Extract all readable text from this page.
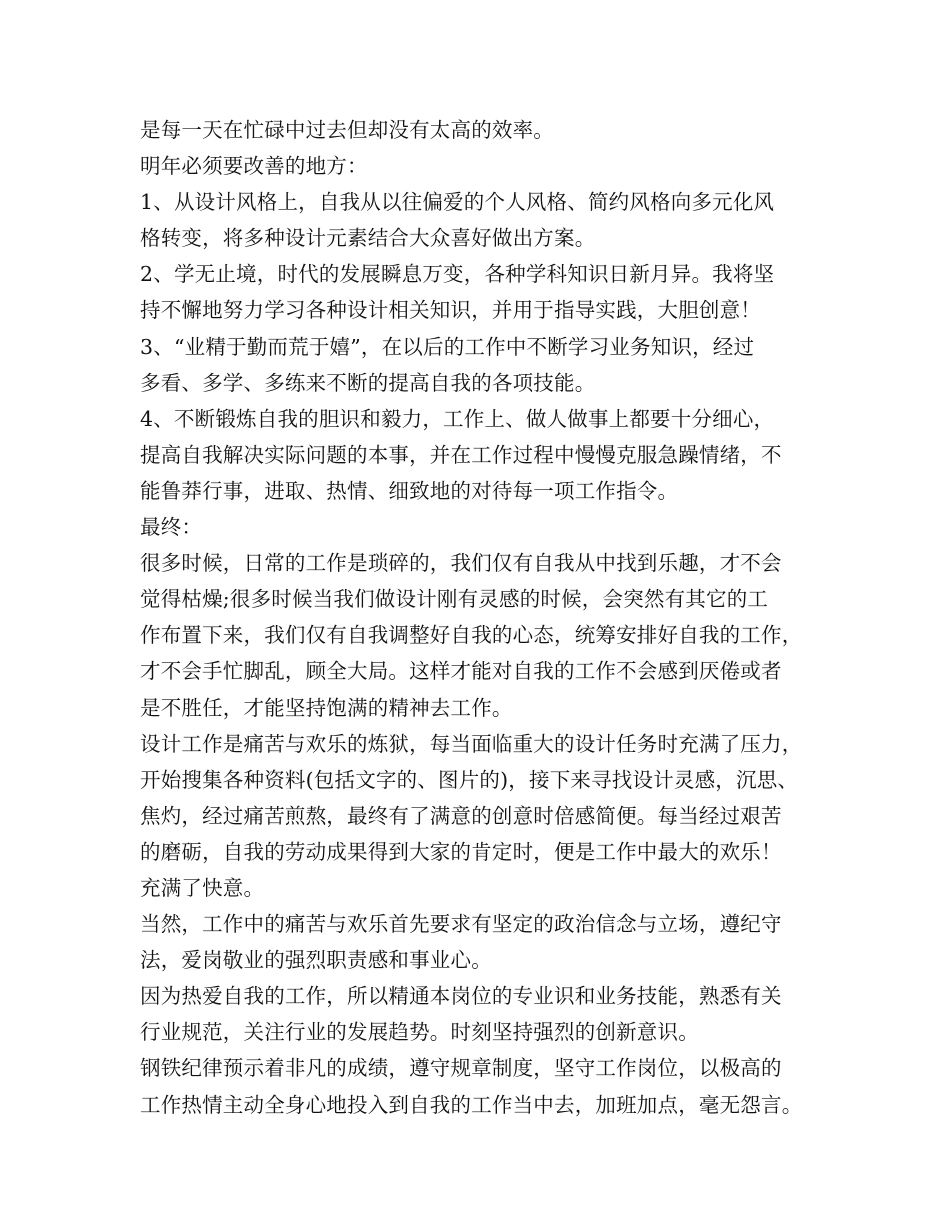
是每一天在忙碌中过去但却没有太高的效率。
明年必须要改善的地方：
1、从设计风格上，自我从以往偏爱的个人风格、简约风格向多元化风
格转变，将多种设计元素结合大众喜好做出方案。
2、学无止境，时代的发展瞬息万变，各种学科知识日新月异。我将坚
持不懈地努力学习各种设计相关知识，并用于指导实践，大胆创意！
3、“业精于勤而荒于嬉”，在以后的工作中不断学习业务知识，经过
多看、多学、多练来不断的提高自我的各项技能。
4、不断锻炼自我的胆识和毅力，工作上、做人做事上都要十分细心，
提高自我解决实际问题的本事，并在工作过程中慢慢克服急躁情绪，不
能鲁莽行事，进取、热情、细致地的对待每一项工作指令。
最终：
很多时候，日常的工作是琐碎的，我们仅有自我从中找到乐趣，才不会
觉得枯燥;很多时候当我们做设计刚有灵感的时候，会突然有其它的工
作布置下来，我们仅有自我调整好自我的心态，统筹安排好自我的工作，
才不会手忙脚乱，顾全大局。这样才能对自我的工作不会感到厌倦或者
是不胜任，才能坚持饱满的精神去工作。
设计工作是痛苦与欢乐的炼狱，每当面临重大的设计任务时充满了压力，
开始搜集各种资料(包括文字的、图片的)，接下来寻找设计灵感，沉思、
焦灼，经过痛苦煎熬，最终有了满意的创意时倍感简便。每当经过艰苦
的磨砺，自我的劳动成果得到大家的肯定时，便是工作中最大的欢乐！
充满了快意。
当然，工作中的痛苦与欢乐首先要求有坚定的政治信念与立场，遵纪守
法，爱岗敬业的强烈职责感和事业心。
因为热爱自我的工作，所以精通本岗位的专业识和业务技能，熟悉有关
行业规范，关注行业的发展趋势。时刻坚持强烈的创新意识。
钢铁纪律预示着非凡的成绩，遵守规章制度，坚守工作岗位，以极高的
工作热情主动全身心地投入到自我的工作当中去，加班加点，毫无怨言。
